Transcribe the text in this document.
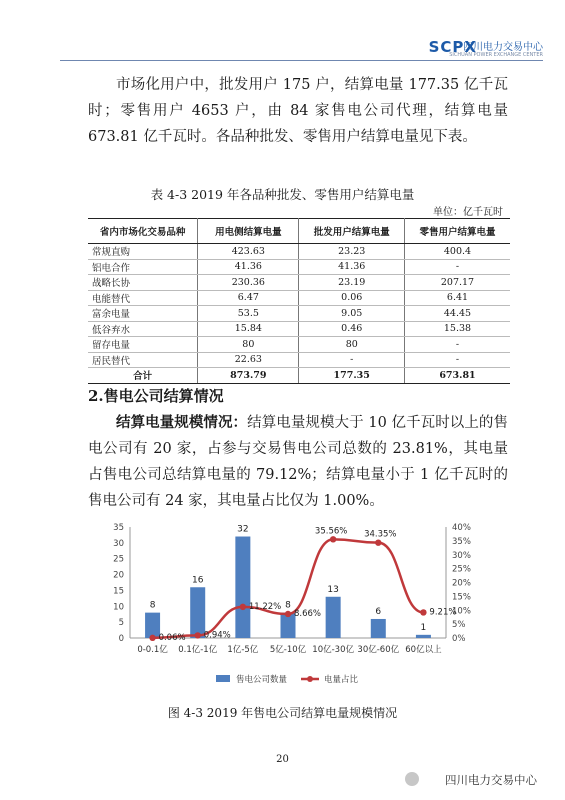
SCPX
四川电力交易中心
SICHUAN POWER EXCHANGE CENTER

市场化用户中，批发用户 175 户，结算电量 177.35 亿千瓦时；零售用户 4653 户，由 84 家售电公司代理，结算电量 673.81 亿千瓦时。各品种批发、零售用户结算电量见下表。

表 4-3 2019 年各品种批发、零售用户结算电量
单位：亿千瓦时
省内市场化交易品种	用电侧结算电量	批发用户结算电量	零售用户结算电量
常规直购	423.63	23.23	400.4
铝电合作	41.36	41.36	-
战略长协	230.36	23.19	207.17
电能替代	6.47	0.06	6.41
富余电量	53.5	9.05	44.45
低谷弃水	15.84	0.46	15.38
留存电量	80	80	-
居民替代	22.63	-	-
合计	873.79	177.35	673.81
2.售电公司结算情况

结算电量规模情况：结算电量规模大于 10 亿千瓦时以上的售电公司有 20 家，占参与交易售电公司总数的 23.81%，其电量占售电公司总结算电量的 79.12%；结算电量小于 1 亿千瓦时的售电公司有 24 家，其电量占比仅为 1.00%。

0
5
10
15
20
25
30
35
0%
5%
10%
15%
20%
25%
30%
35%
40%
8
0-0.1亿
16
0.1亿-1亿
32
1亿-5亿
8
5亿-10亿
13
10亿-30亿
6
30亿-60亿
1
60亿以上
0.06% 0.94%
11.22%
8.66%
35.56% 34.35%
9.21%
售电公司数量	电量占比
图 4-3 2019 年售电公司结算电量规模情况
20
四川电力交易中心
